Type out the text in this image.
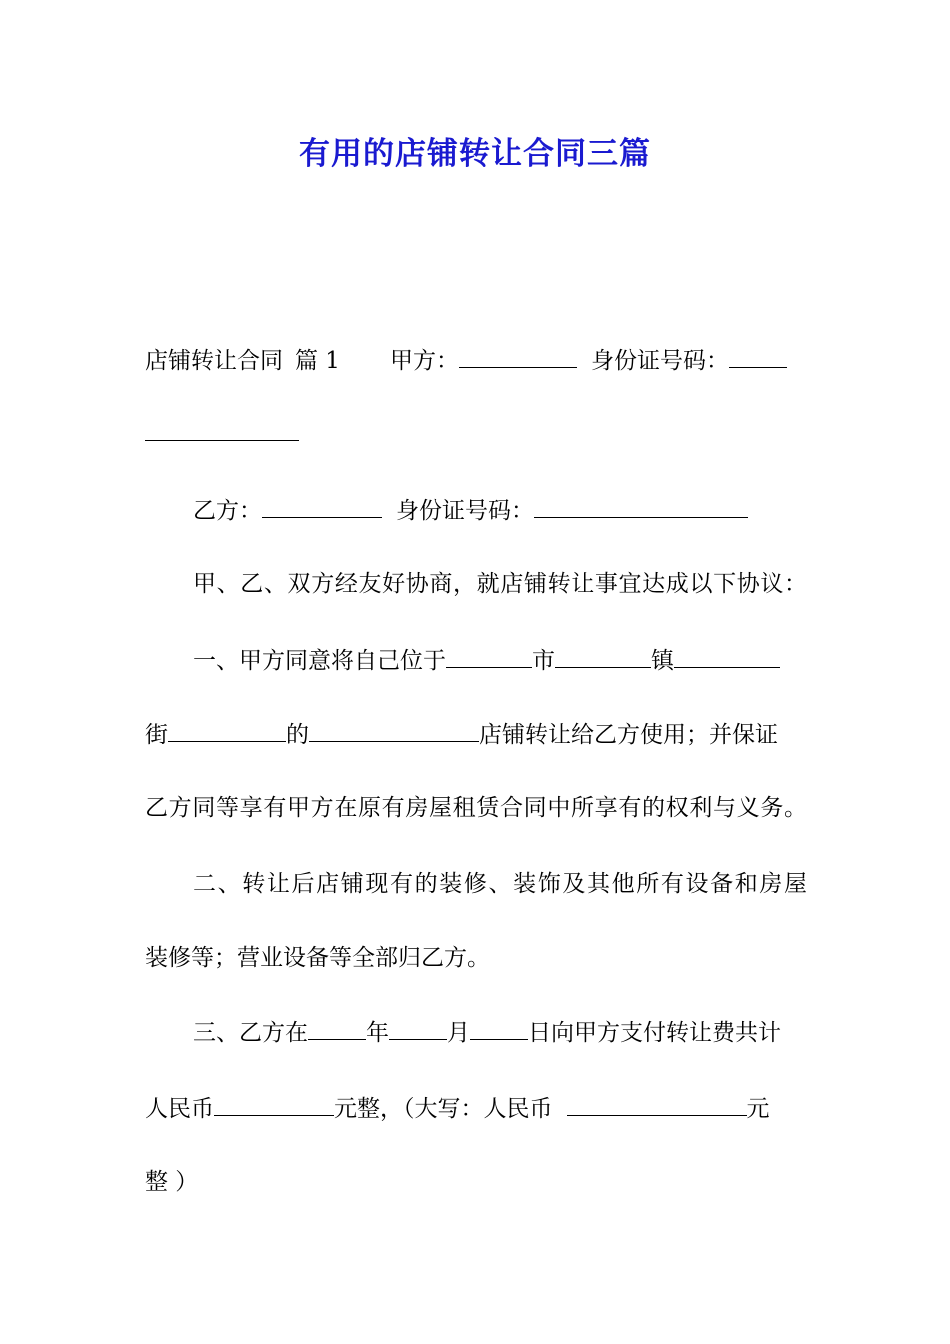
有用的店铺转让合同三篇

店铺转让合同 篇 1 甲方：	身份证号码：

乙方：	身份证号码：

甲、乙、双方经友好协商，就店铺转让事宜达成以下协议：

一、甲方同意将自己位于	市	镇

街	的	店铺转让给乙方使用；并保证

乙方同等享有甲方在原有房屋租赁合同中所享有的权利与义务。

二、转让后店铺现有的装修、装饰及其他所有设备和房屋

装修等；营业设备等全部归乙方。

三、乙方在	年	月	日向甲方支付转让费共计

人民币	元整，（大写：人民币	元

整 ）
